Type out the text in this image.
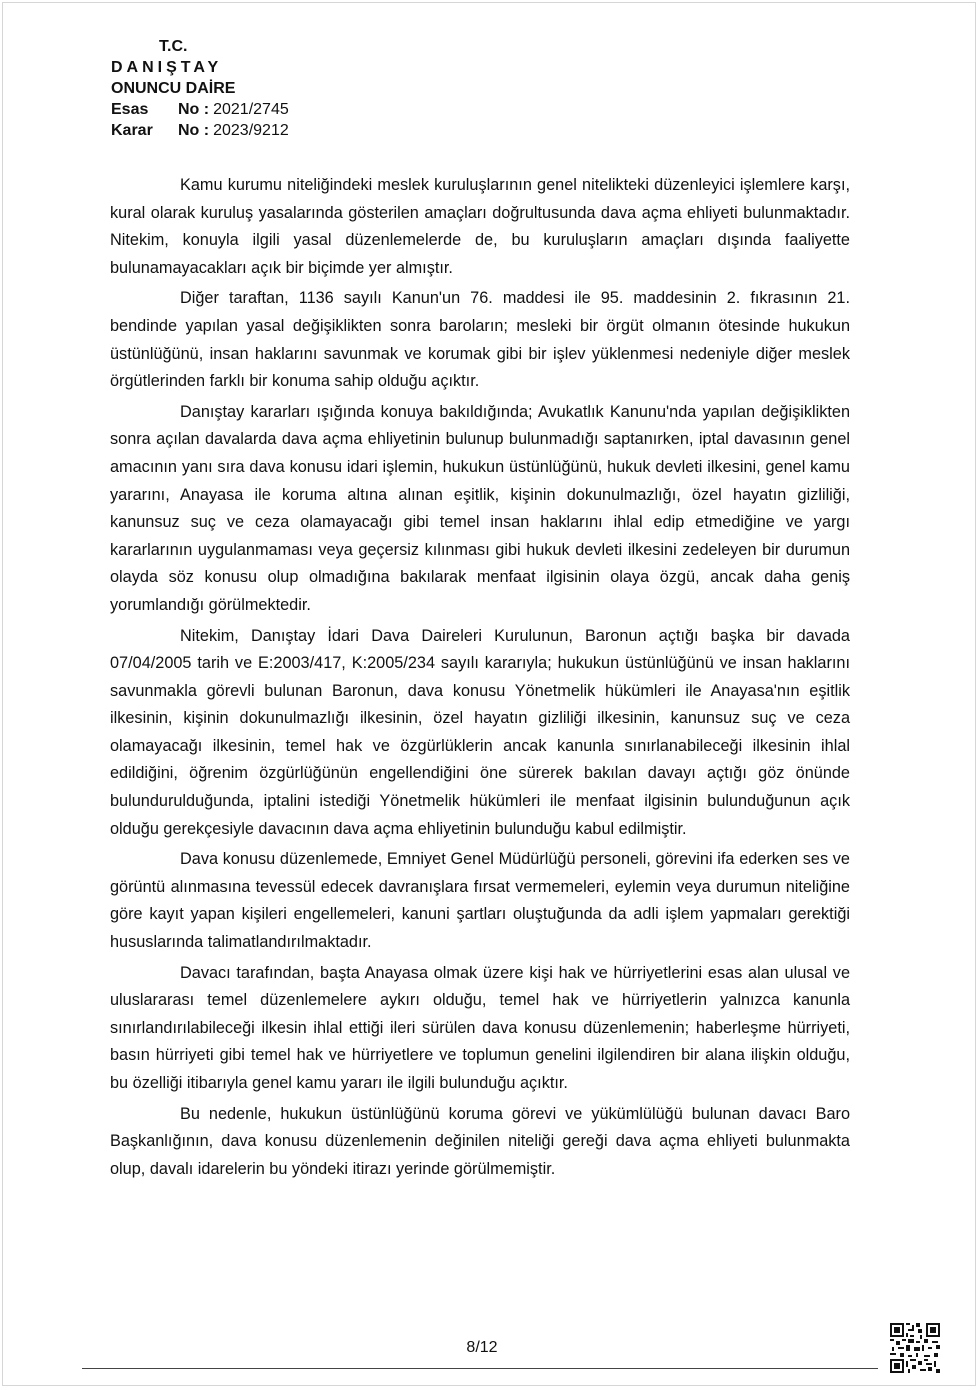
T.C.
DANIŞTAY
ONUNCU DAİRE
Esas	No : 2021/2745
Karar	No : 2023/9212

Kamu kurumu niteliğindeki meslek kuruluşlarının genel nitelikteki düzenleyici işlemlere karşı, kural olarak kuruluş yasalarında gösterilen amaçları doğrultusunda dava açma ehliyeti bulunmaktadır. Nitekim, konuyla ilgili yasal düzenlemelerde de, bu kuruluşların amaçları dışında faaliyette bulunamayacakları açık bir biçimde yer almıştır.

Diğer taraftan, 1136 sayılı Kanun'un 76. maddesi ile 95. maddesinin 2. fıkrasının 21. bendinde yapılan yasal değişiklikten sonra baroların; mesleki bir örgüt olmanın ötesinde hukukun üstünlüğünü, insan haklarını savunmak ve korumak gibi bir işlev yüklenmesi nedeniyle diğer meslek örgütlerinden farklı bir konuma sahip olduğu açıktır.

Danıştay kararları ışığında konuya bakıldığında; Avukatlık Kanunu'nda yapılan değişiklikten sonra açılan davalarda dava açma ehliyetinin bulunup bulunmadığı saptanırken, iptal davasının genel amacının yanı sıra dava konusu idari işlemin, hukukun üstünlüğünü, hukuk devleti ilkesini, genel kamu yararını, Anayasa ile koruma altına alınan eşitlik, kişinin dokunulmazlığı, özel hayatın gizliliği, kanunsuz suç ve ceza olamayacağı gibi temel insan haklarını ihlal edip etmediğine ve yargı kararlarının uygulanmaması veya geçersiz kılınması gibi hukuk devleti ilkesini zedeleyen bir durumun olayda söz konusu olup olmadığına bakılarak menfaat ilgisinin olaya özgü, ancak daha geniş yorumlandığı görülmektedir.

Nitekim, Danıştay İdari Dava Daireleri Kurulunun, Baronun açtığı başka bir davada 07/04/2005 tarih ve E:2003/417, K:2005/234 sayılı kararıyla; hukukun üstünlüğünü ve insan haklarını savunmakla görevli bulunan Baronun, dava konusu Yönetmelik hükümleri ile Anayasa'nın eşitlik ilkesinin, kişinin dokunulmazlığı ilkesinin, özel hayatın gizliliği ilkesinin, kanunsuz suç ve ceza olamayacağı ilkesinin, temel hak ve özgürlüklerin ancak kanunla sınırlanabileceği ilkesinin ihlal edildiğini, öğrenim özgürlüğünün engellendiğini öne sürerek bakılan davayı açtığı göz önünde bulundurulduğunda, iptalini istediği Yönetmelik hükümleri ile menfaat ilgisinin bulunduğunun açık olduğu gerekçesiyle davacının dava açma ehliyetinin bulunduğu kabul edilmiştir.

Dava konusu düzenlemede, Emniyet Genel Müdürlüğü personeli, görevini ifa ederken ses ve görüntü alınmasına tevessül edecek davranışlara fırsat vermemeleri, eylemin veya durumun niteliğine göre kayıt yapan kişileri engellemeleri, kanuni şartları oluştuğunda da adli işlem yapmaları gerektiği hususlarında talimatlandırılmaktadır.

Davacı tarafından, başta Anayasa olmak üzere kişi hak ve hürriyetlerini esas alan ulusal ve uluslararası temel düzenlemelere aykırı olduğu, temel hak ve hürriyetlerin yalnızca kanunla sınırlandırılabileceği ilkesin ihlal ettiği ileri sürülen dava konusu düzenlemenin; haberleşme hürriyeti, basın hürriyeti gibi temel hak ve hürriyetlere ve toplumun genelini ilgilendiren bir alana ilişkin olduğu, bu özelliği itibarıyla genel kamu yararı ile ilgili bulunduğu açıktır.

Bu nedenle, hukukun üstünlüğünü koruma görevi ve yükümlülüğü bulunan davacı Baro Başkanlığının, dava konusu düzenlemenin değinilen niteliği gereği dava açma ehliyeti bulunmakta olup, davalı idarelerin bu yöndeki itirazı yerinde görülmemiştir.

8/12
